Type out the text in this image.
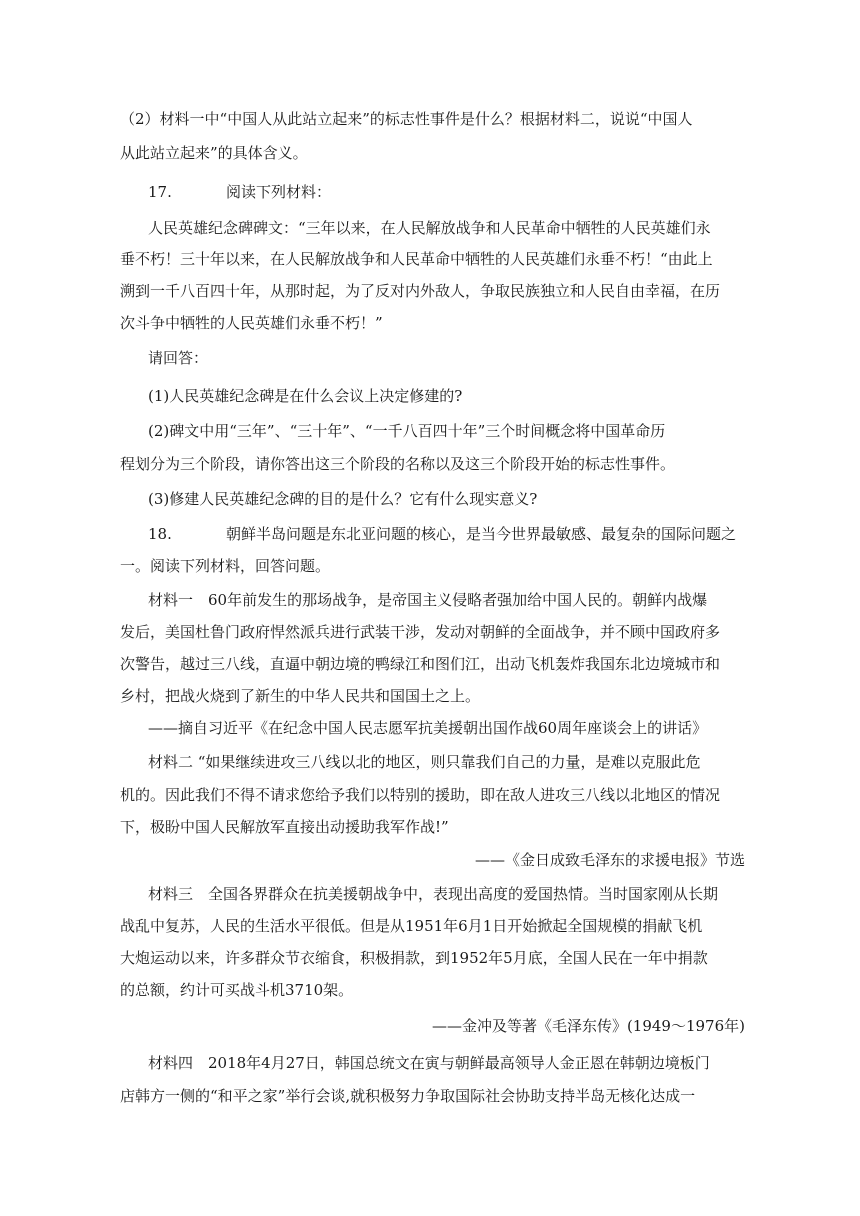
（2）材料一中“中国人从此站立起来”的标志性事件是什么？根据材料二，说说“中国人
从此站立起来”的具体含义。
17.	阅读下列材料：
人民英雄纪念碑碑文：“三年以来，在人民解放战争和人民革命中牺牲的人民英雄们永
垂不朽！三十年以来，在人民解放战争和人民革命中牺牲的人民英雄们永垂不朽！“由此上
溯到一千八百四十年，从那时起，为了反对内外敌人，争取民族独立和人民自由幸福，在历
次斗争中牺牲的人民英雄们永垂不朽！”
请回答：
(1)人民英雄纪念碑是在什么会议上决定修建的?
(2)碑文中用“三年”、“三十年”、“一千八百四十年”三个时间概念将中国革命历
程划分为三个阶段，请你答出这三个阶段的名称以及这三个阶段开始的标志性事件。
(3)修建人民英雄纪念碑的目的是什么？它有什么现实意义?
18.	朝鲜半岛问题是东北亚问题的核心，是当今世界最敏感、最复杂的国际问题之
一。阅读下列材料，回答问题。
材料一　60年前发生的那场战争，是帝国主义侵略者强加给中国人民的。朝鲜内战爆
发后，美国杜鲁门政府悍然派兵进行武装干涉，发动对朝鲜的全面战争，并不顾中国政府多
次警告，越过三八线，直逼中朝边境的鸭绿江和图们江，出动飞机轰炸我国东北边境城市和
乡村，把战火烧到了新生的中华人民共和国国土之上。
——摘自习近平《在纪念中国人民志愿军抗美援朝出国作战60周年座谈会上的讲话》
材料二 “如果继续进攻三八线以北的地区，则只靠我们自己的力量，是难以克服此危
机的。因此我们不得不请求您给予我们以特别的援助，即在敌人进攻三八线以北地区的情况
下，极盼中国人民解放军直接出动援助我军作战!”
——《金日成致毛泽东的求援电报》节选
材料三　全国各界群众在抗美援朝战争中，表现出高度的爱国热情。当时国家刚从长期
战乱中复苏，人民的生活水平很低。但是从1951年6月1日开始掀起全国规模的捐献飞机
大炮运动以来，许多群众节衣缩食，积极捐款，到1952年5月底，全国人民在一年中捐款
的总额，约计可买战斗机3710架。
——金冲及等著《毛泽东传》(1949～1976年)
材料四　2018年4月27日，韩国总统文在寅与朝鲜最高领导人金正恩在韩朝边境板门
店韩方一侧的“和平之家”举行会谈,就积极努力争取国际社会协助支持半岛无核化达成一
